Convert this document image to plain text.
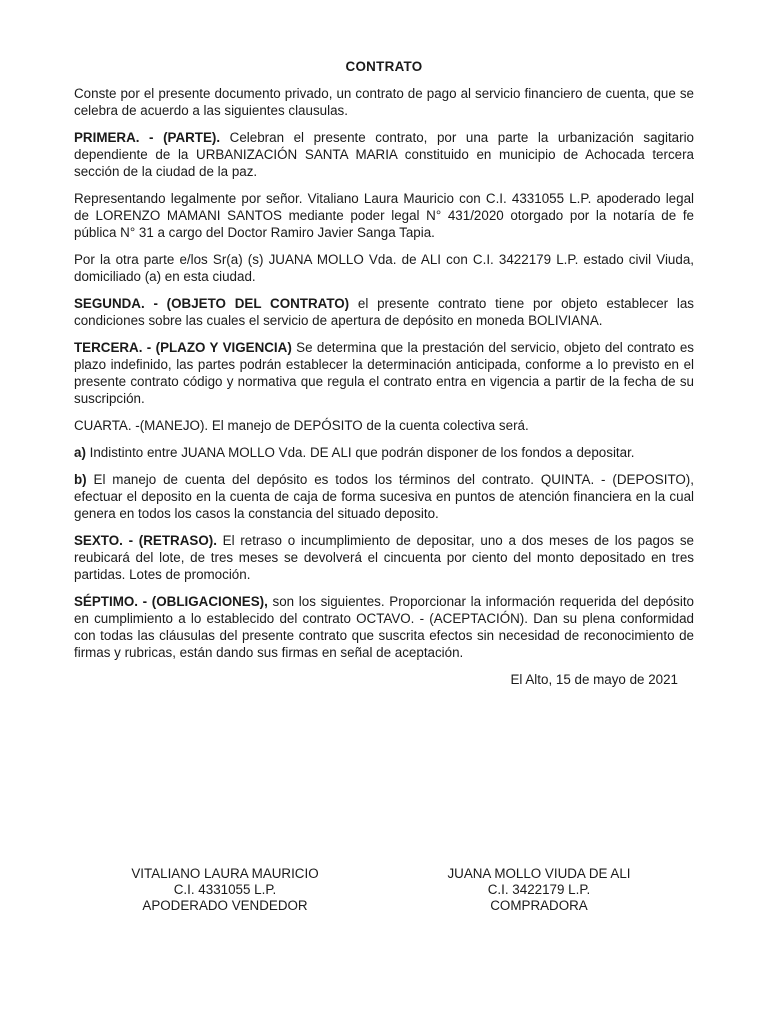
CONTRATO

Conste por el presente documento privado, un contrato de pago al servicio financiero de cuenta, que se celebra de acuerdo a las siguientes clausulas.

PRIMERA. - (PARTE). Celebran el presente contrato, por una parte la urbanización sagitario dependiente de la URBANIZACIÓN SANTA MARIA constituido en municipio de Achocada tercera sección de la ciudad de la paz.

Representando legalmente por señor. Vitaliano Laura Mauricio con C.I. 4331055 L.P. apoderado legal de LORENZO MAMANI SANTOS mediante poder legal N° 431/2020 otorgado por la notaría de fe pública N° 31 a cargo del Doctor Ramiro Javier Sanga Tapia.

Por la otra parte e/los Sr(a) (s) JUANA MOLLO Vda. de ALI con C.I. 3422179 L.P. estado civil Viuda, domiciliado (a) en esta ciudad.

SEGUNDA. - (OBJETO DEL CONTRATO) el presente contrato tiene por objeto establecer las condiciones sobre las cuales el servicio de apertura de depósito en moneda BOLIVIANA.

TERCERA. - (PLAZO Y VIGENCIA) Se determina que la prestación del servicio, objeto del contrato es plazo indefinido, las partes podrán establecer la determinación anticipada, conforme a lo previsto en el presente contrato código y normativa que regula el contrato entra en vigencia a partir de la fecha de su suscripción.

CUARTA. -(MANEJO). El manejo de DEPÓSITO de la cuenta colectiva será.

a) Indistinto entre JUANA MOLLO Vda. DE ALI que podrán disponer de los fondos a depositar.

b) El manejo de cuenta del depósito es todos los términos del contrato. QUINTA. - (DEPOSITO), efectuar el deposito en la cuenta de caja de forma sucesiva en puntos de atención financiera en la cual genera en todos los casos la constancia del situado deposito.

SEXTO. - (RETRASO). El retraso o incumplimiento de depositar, uno a dos meses de los pagos se reubicará del lote, de tres meses se devolverá el cincuenta por ciento del monto depositado en tres partidas. Lotes de promoción.

SÉPTIMO. - (OBLIGACIONES), son los siguientes. Proporcionar la información requerida del depósito en cumplimiento a lo establecido del contrato OCTAVO. - (ACEPTACIÓN). Dan su plena conformidad con todas las cláusulas del presente contrato que suscrita efectos sin necesidad de reconocimiento de firmas y rubricas, están dando sus firmas en señal de aceptación.

El Alto, 15 de mayo de 2021
VITALIANO LAURA MAURICIO
C.I. 4331055 L.P.
APODERADO VENDEDOR
JUANA MOLLO VIUDA DE ALI
C.I. 3422179 L.P.
COMPRADORA
